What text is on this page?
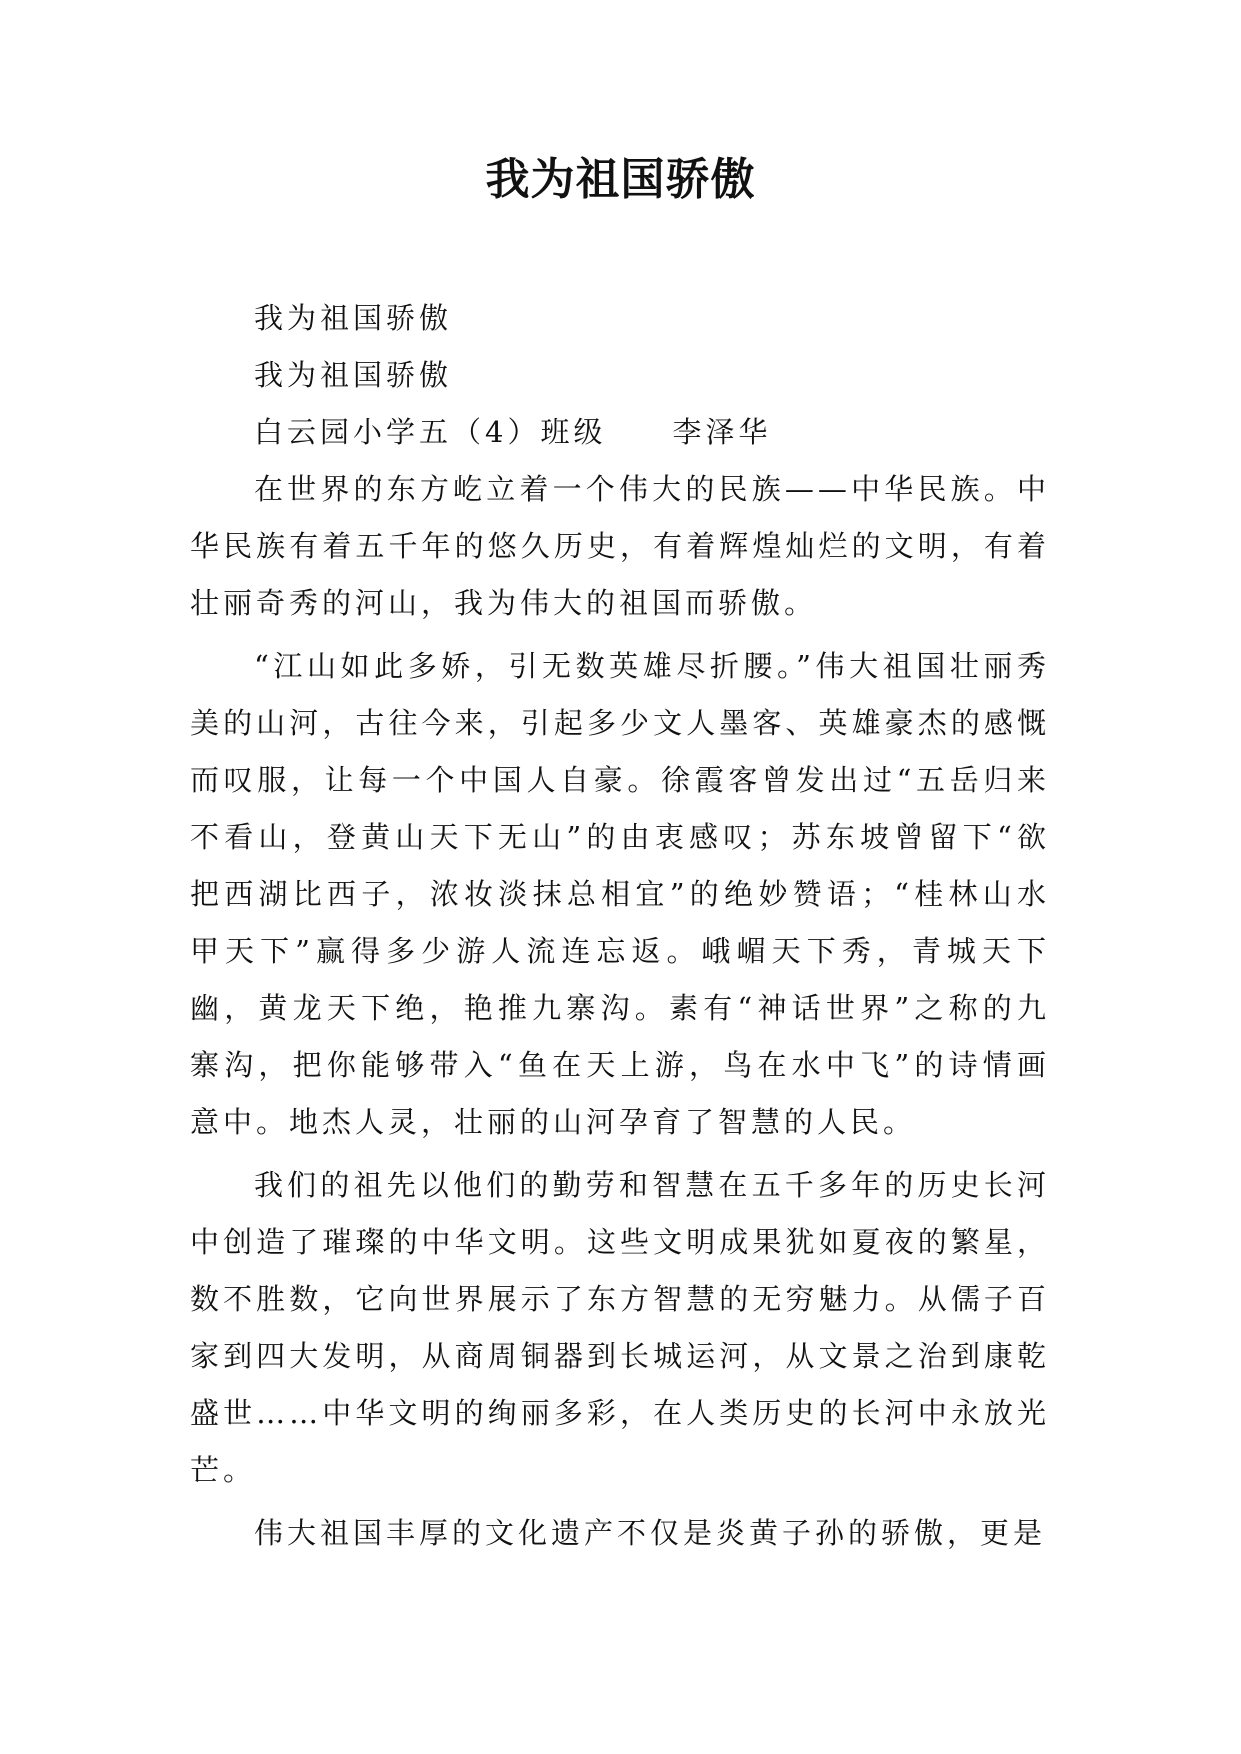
我为祖国骄傲

我为祖国骄傲

我为祖国骄傲

白云园小学五（4）班级　　李泽华

在世界的东方屹立着一个伟大的民族——中华民族。中华民族有着五千年的悠久历史，有着辉煌灿烂的文明，有着壮丽奇秀的河山，我为伟大的祖国而骄傲。

“江山如此多娇，引无数英雄尽折腰。”伟大祖国壮丽秀美的山河，古往今来，引起多少文人墨客、英雄豪杰的感慨而叹服，让每一个中国人自豪。徐霞客曾发出过“五岳归来不看山，登黄山天下无山”的由衷感叹；苏东坡曾留下“欲把西湖比西子，浓妆淡抹总相宜”的绝妙赞语；“桂林山水甲天下”赢得多少游人流连忘返。峨嵋天下秀，青城天下幽，黄龙天下绝，艳推九寨沟。素有“神话世界”之称的九寨沟，把你能够带入“鱼在天上游，鸟在水中飞”的诗情画意中。地杰人灵，壮丽的山河孕育了智慧的人民。

我们的祖先以他们的勤劳和智慧在五千多年的历史长河中创造了璀璨的中华文明。这些文明成果犹如夏夜的繁星，数不胜数，它向世界展示了东方智慧的无穷魅力。从儒子百家到四大发明，从商周铜器到长城运河，从文景之治到康乾盛世……中华文明的绚丽多彩，在人类历史的长河中永放光芒。

伟大祖国丰厚的文化遗产不仅是炎黄子孙的骄傲，更是
